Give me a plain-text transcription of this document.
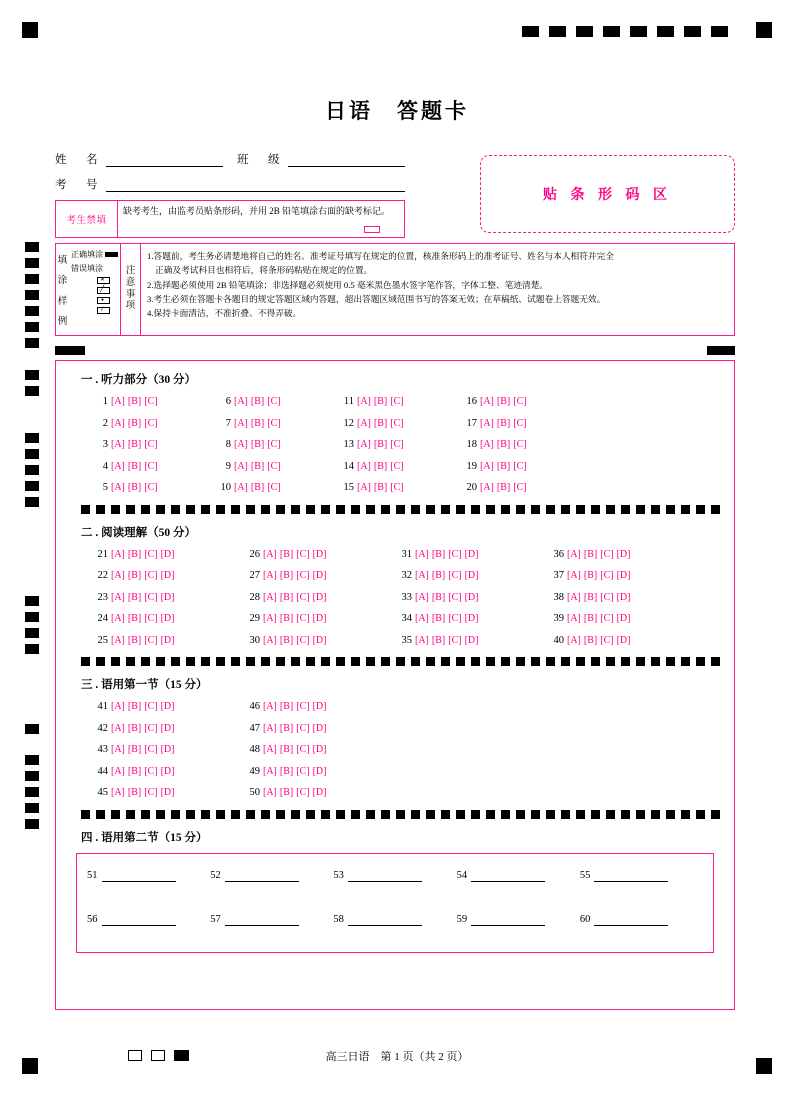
日语　答题卡
姓　名	班　级
考　号
贴 条 形 码 区
考生禁填
缺考考生，由监考员贴条形码，并用 2B 铅笔填涂右面的缺考标记。
填
涂
样
例
正确填涂
错误填涂
✕
╱
●
√ 注
意
事
项
1.答题前，考生务必请楚地将自己的姓名、准考证号填写在规定的位置，核准条形码上的准考证号、姓名与本人相符并完全
正确及考试科目也相符后，将条形码粘贴在规定的位置。
2.选择题必须使用 2B 铅笔填涂；非选择题必须使用 0.5 毫米黑色墨水签字笔作答，字体工整、笔迹清楚。
3.考生必须在答题卡各题目的规定答题区域内答题，超出答题区域范围书写的答案无效；在草稿纸、试题卷上答题无效。
4.保持卡面清洁，不准折叠、不得弄破。
一 . 听力部分（30 分）
1 [A] [B] [C]	6 [A] [B] [C]	11 [A] [B] [C]	16 [A] [B] [C]
2 [A] [B] [C]	7 [A] [B] [C]	12 [A] [B] [C]	17 [A] [B] [C]
3 [A] [B] [C]	8 [A] [B] [C]	13 [A] [B] [C]	18 [A] [B] [C]
4 [A] [B] [C]	9 [A] [B] [C]	14 [A] [B] [C]	19 [A] [B] [C]
5 [A] [B] [C]	10 [A] [B] [C]	15 [A] [B] [C]	20 [A] [B] [C]
二 . 阅读理解（50 分）
21 [A] [B] [C] [D]	26 [A] [B] [C] [D]	31 [A] [B] [C] [D]	36 [A] [B] [C] [D]
22 [A] [B] [C] [D]	27 [A] [B] [C] [D]	32 [A] [B] [C] [D]	37 [A] [B] [C] [D]
23 [A] [B] [C] [D]	28 [A] [B] [C] [D]	33 [A] [B] [C] [D]	38 [A] [B] [C] [D]
24 [A] [B] [C] [D]	29 [A] [B] [C] [D]	34 [A] [B] [C] [D]	39 [A] [B] [C] [D]
25 [A] [B] [C] [D]	30 [A] [B] [C] [D]	35 [A] [B] [C] [D]	40 [A] [B] [C] [D]
三 . 语用第一节（15 分）
41 [A] [B] [C] [D]	46 [A] [B] [C] [D]
42 [A] [B] [C] [D]	47 [A] [B] [C] [D]
43 [A] [B] [C] [D]	48 [A] [B] [C] [D]
44 [A] [B] [C] [D]	49 [A] [B] [C] [D]
45 [A] [B] [C] [D]	50 [A] [B] [C] [D]
四 . 语用第二节（15 分）
51	52	53	54	55
56	57	58	59	60
高三日语　第 1 页（共 2 页）
